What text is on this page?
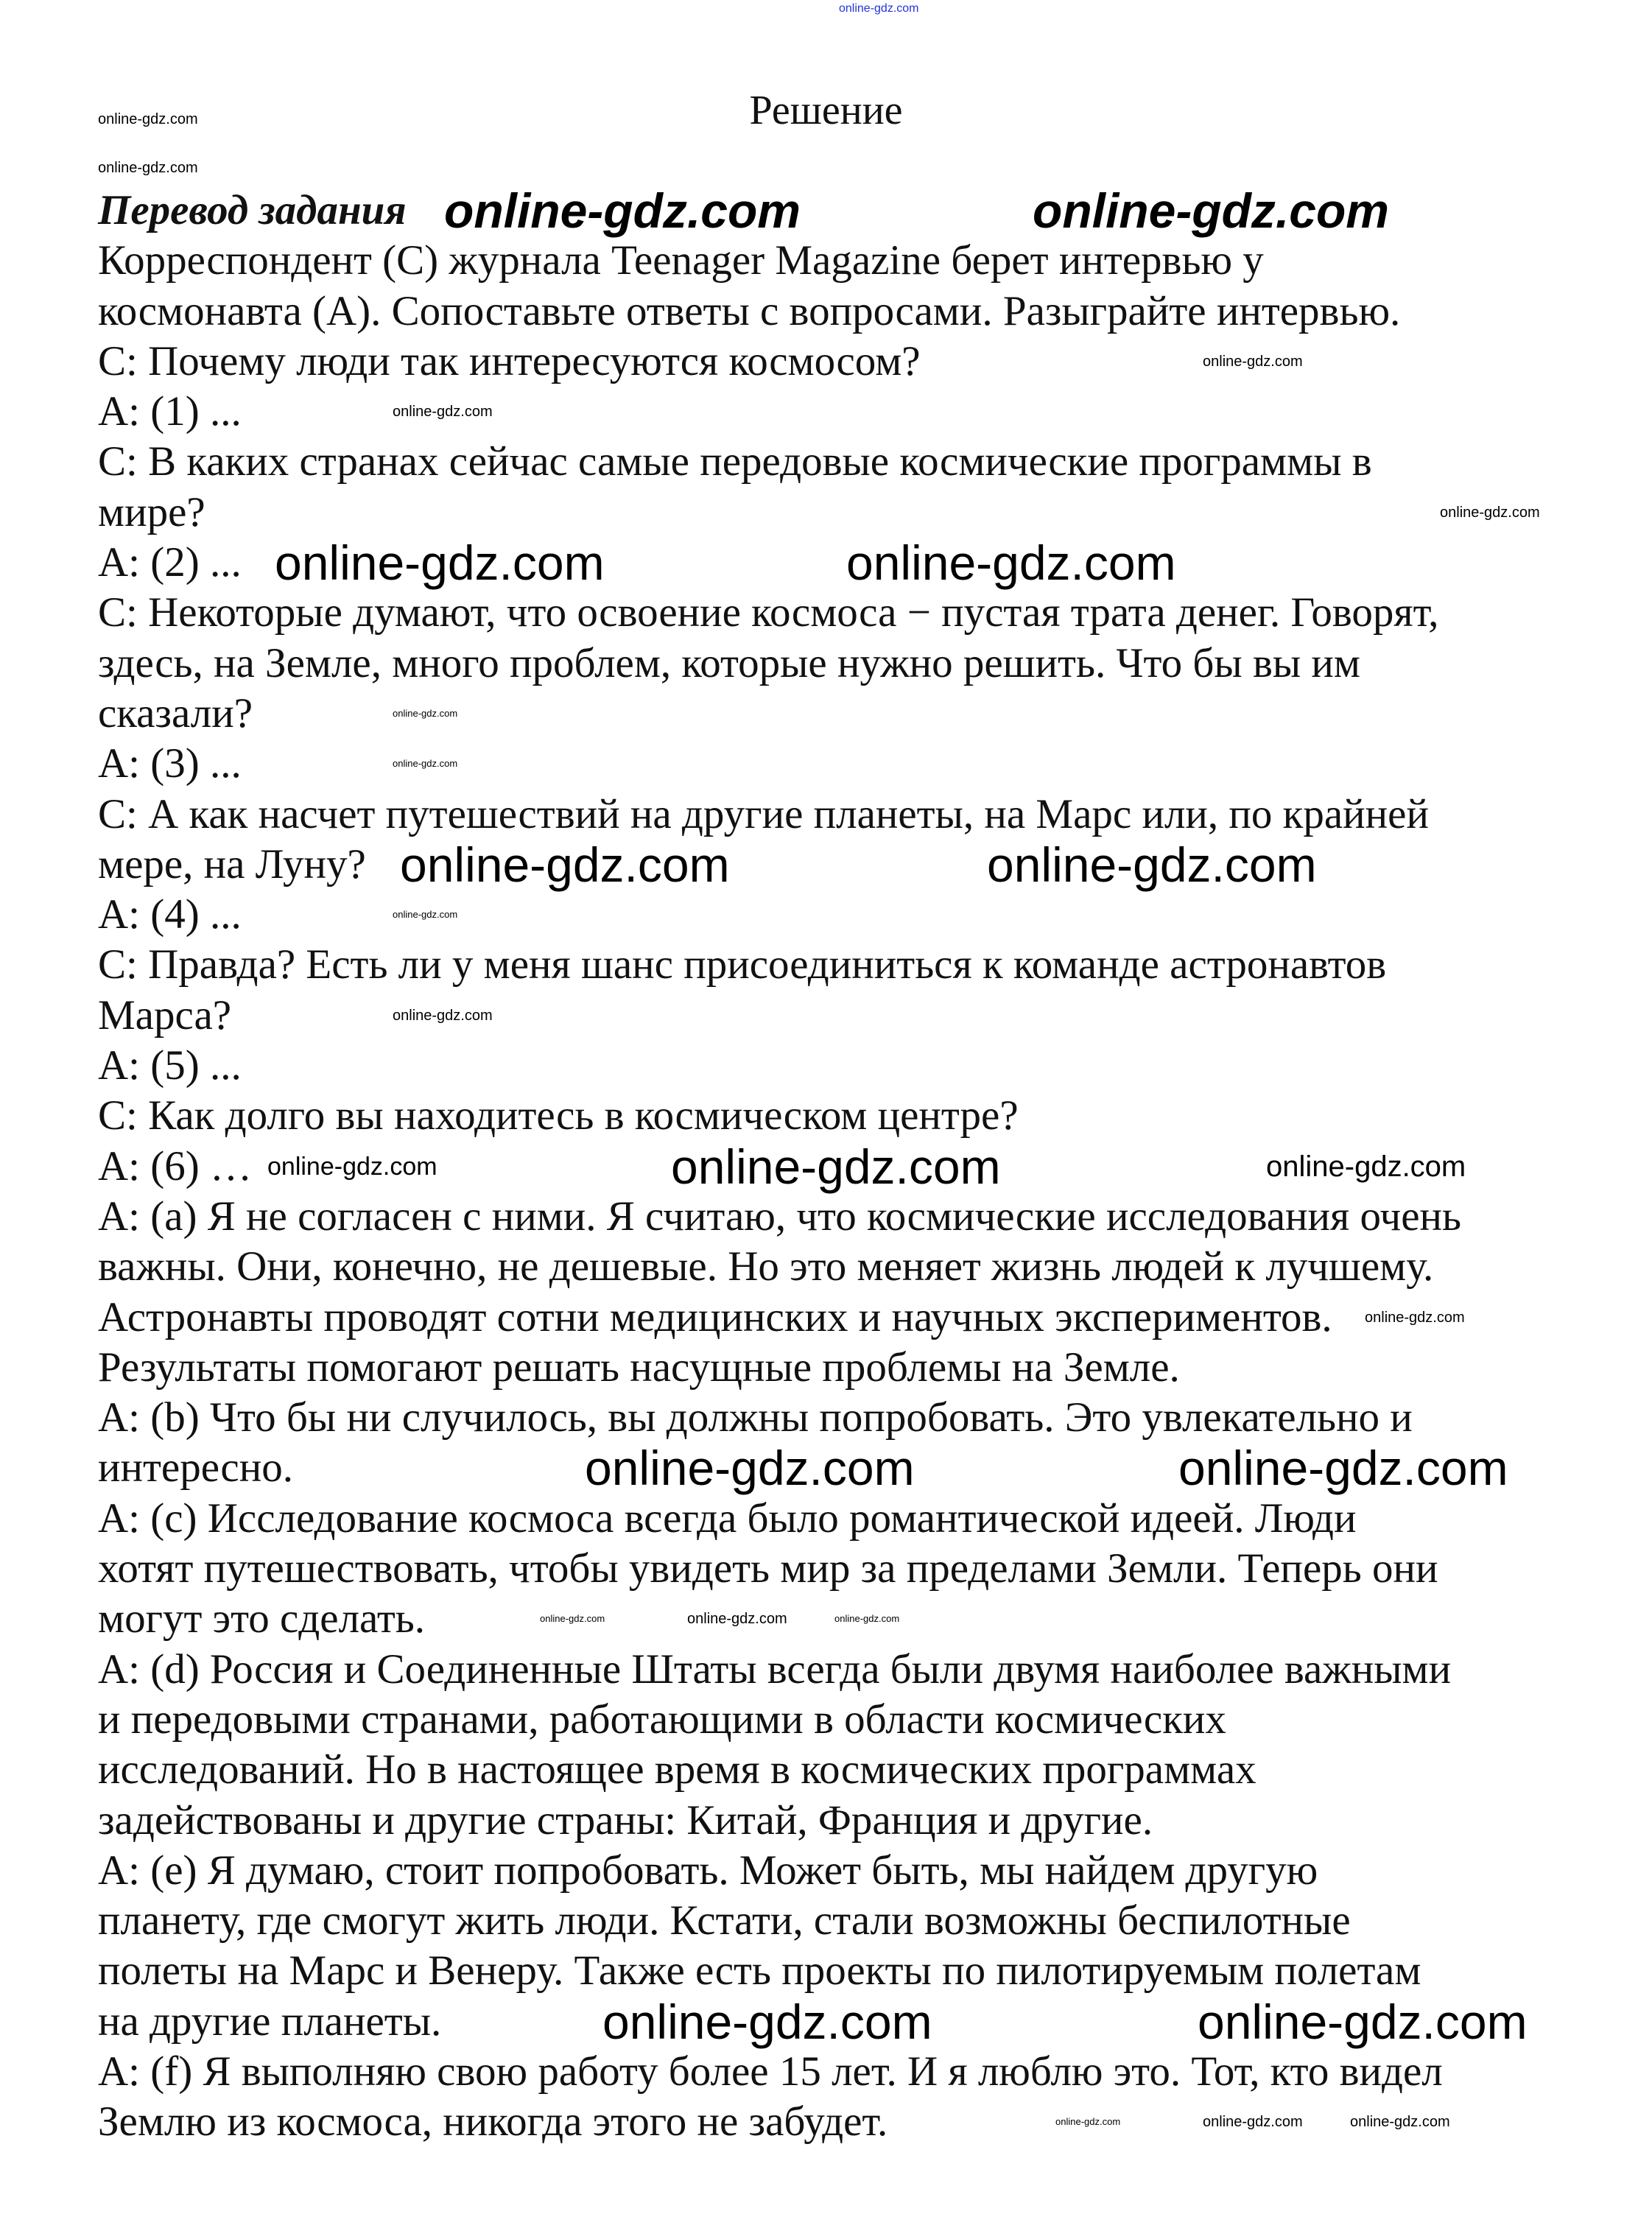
Решение
Перевод задания online-gdz.com	online-gdz.com
Корреспондент (C) журнала Teenager Magazine берет интервью у
космонавта (A). Сопоставьте ответы с вопросами. Разыграйте интервью.
C: Почему люди так интересуются космосом?	online-gdz.com
A: (1) ...	online-gdz.com
C: В каких странах сейчас самые передовые космические программы в
мире?	online-gdz.com
A: (2) ... online-gdz.com	online-gdz.com
C: Некоторые думают, что освоение космоса − пустая трата денег. Говорят,
здесь, на Земле, много проблем, которые нужно решить. Что бы вы им
сказали?	online-gdz.com
A: (3) ...	online-gdz.com
C: А как насчет путешествий на другие планеты, на Марс или, по крайней
мере, на Луну? online-gdz.com	online-gdz.com
A: (4) ...	online-gdz.com
C: Правда? Есть ли у меня шанс присоединиться к команде астронавтов
Марса?	online-gdz.com
A: (5) ...
C: Как долго вы находитесь в космическом центре?
A: (6) … online-gdz.com	online-gdz.com	online-gdz.com
A: (a) Я не согласен с ними. Я считаю, что космические исследования очень
важны. Они, конечно, не дешевые. Но это меняет жизнь людей к лучшему.
Астронавты проводят сотни медицинских и научных экспериментов. online-gdz.com
Результаты помогают решать насущные проблемы на Земле.
A: (b) Что бы ни случилось, вы должны попробовать. Это увлекательно и
интересно.	online-gdz.com	online-gdz.com
A: (c) Исследование космоса всегда было романтической идеей. Люди
хотят путешествовать, чтобы увидеть мир за пределами Земли. Теперь они
могут это сделать.	online-gdz.com	online-gdz.com	online-gdz.com
A: (d) Россия и Соединенные Штаты всегда были двумя наиболее важными
и передовыми странами, работающими в области космических
исследований. Но в настоящее время в космических программах
задействованы и другие страны: Китай, Франция и другие.
A: (e) Я думаю, стоит попробовать. Может быть, мы найдем другую
планету, где смогут жить люди. Кстати, стали возможны беспилотные
полеты на Марс и Венеру. Также есть проекты по пилотируемым полетам
на другие планеты.	online-gdz.com	online-gdz.com
A: (f) Я выполняю свою работу более 15 лет. И я люблю это. Тот, кто видел
Землю из космоса, никогда этого не забудет.	online-gdz.com	online-gdz.com	online-gdz.com
online-gdz.com
online-gdz.com
online-gdz.com
